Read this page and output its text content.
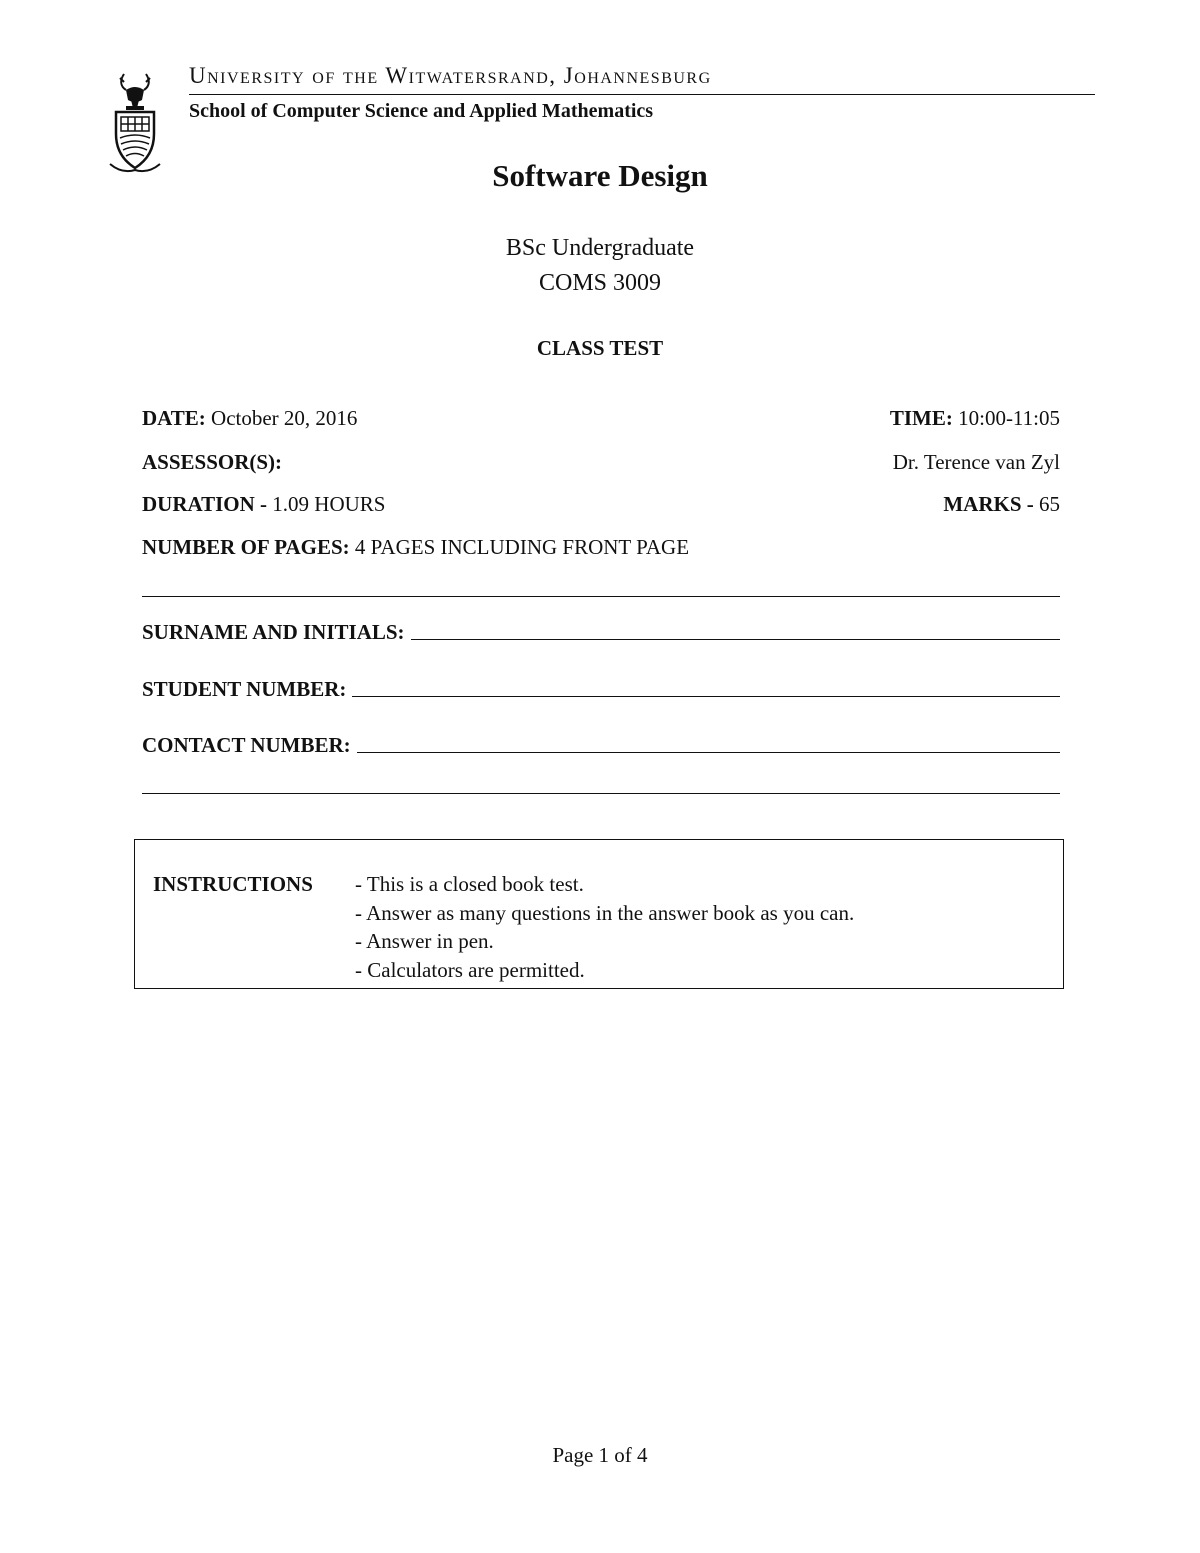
University of the Witwatersrand, Johannesburg
School of Computer Science and Applied Mathematics
Software Design
BSc Undergraduate
COMS 3009
CLASS TEST
DATE: October 20, 2016	TIME: 10:00-11:05
ASSESSOR(S):	Dr. Terence van Zyl
DURATION - 1.09 HOURS	MARKS - 65
NUMBER OF PAGES: 4 PAGES INCLUDING FRONT PAGE
SURNAME AND INITIALS:
STUDENT NUMBER:
CONTACT NUMBER:
INSTRUCTIONS - This is a closed book test.
- Answer as many questions in the answer book as you can.
- Answer in pen.
- Calculators are permitted.
Page 1 of 4
